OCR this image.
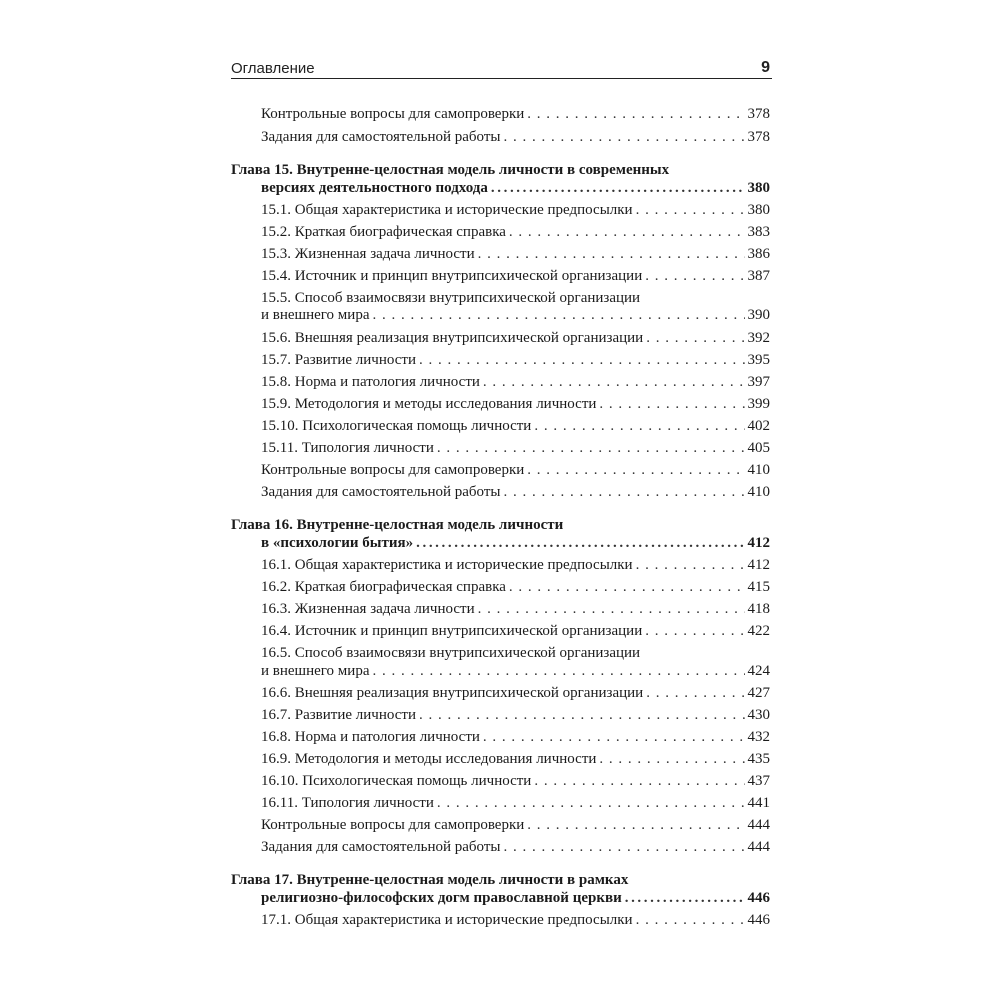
Оглавление	9
Контрольные вопросы для самопроверки . . .	378
Задания для самостоятельной работы . . .	378
Глава 15. Внутренне-целостная модель личности в современных
версиях деятельностного подхода .....	380
15.1. Общая характеристика и исторические предпосылки . . .	380
15.2. Краткая биографическая справка . . .	383
15.3. Жизненная задача личности . . .	386
15.4. Источник и принцип внутрипсихической организации . . .	387
15.5. Способ взаимосвязи внутрипсихической организации
и внешнего мира . . .	390
15.6. Внешняя реализация внутрипсихической организации . . .	392
15.7. Развитие личности . . .	395
15.8. Норма и патология личности . . .	397
15.9. Методология и методы исследования личности . . .	399
15.10. Психологическая помощь личности . . .	402
15.11. Типология личности . . .	405
Контрольные вопросы для самопроверки . . .	410
Задания для самостоятельной работы . . .	410
Глава 16. Внутренне-целостная модель личности
в «психологии бытия» .....	412
16.1. Общая характеристика и исторические предпосылки . . .	412
16.2. Краткая биографическая справка . . .	415
16.3. Жизненная задача личности . . .	418
16.4. Источник и принцип внутрипсихической организации . . .	422
16.5. Способ взаимосвязи внутрипсихической организации
и внешнего мира . . .	424
16.6. Внешняя реализация внутрипсихической организации . . .	427
16.7. Развитие личности . . .	430
16.8. Норма и патология личности . . .	432
16.9. Методология и методы исследования личности . . .	435
16.10. Психологическая помощь личности . . .	437
16.11. Типология личности . . .	441
Контрольные вопросы для самопроверки . . .	444
Задания для самостоятельной работы . . .	444
Глава 17. Внутренне-целостная модель личности в рамках
религиозно-философских догм православной церкви .....	446
17.1. Общая характеристика и исторические предпосылки . . .	446
